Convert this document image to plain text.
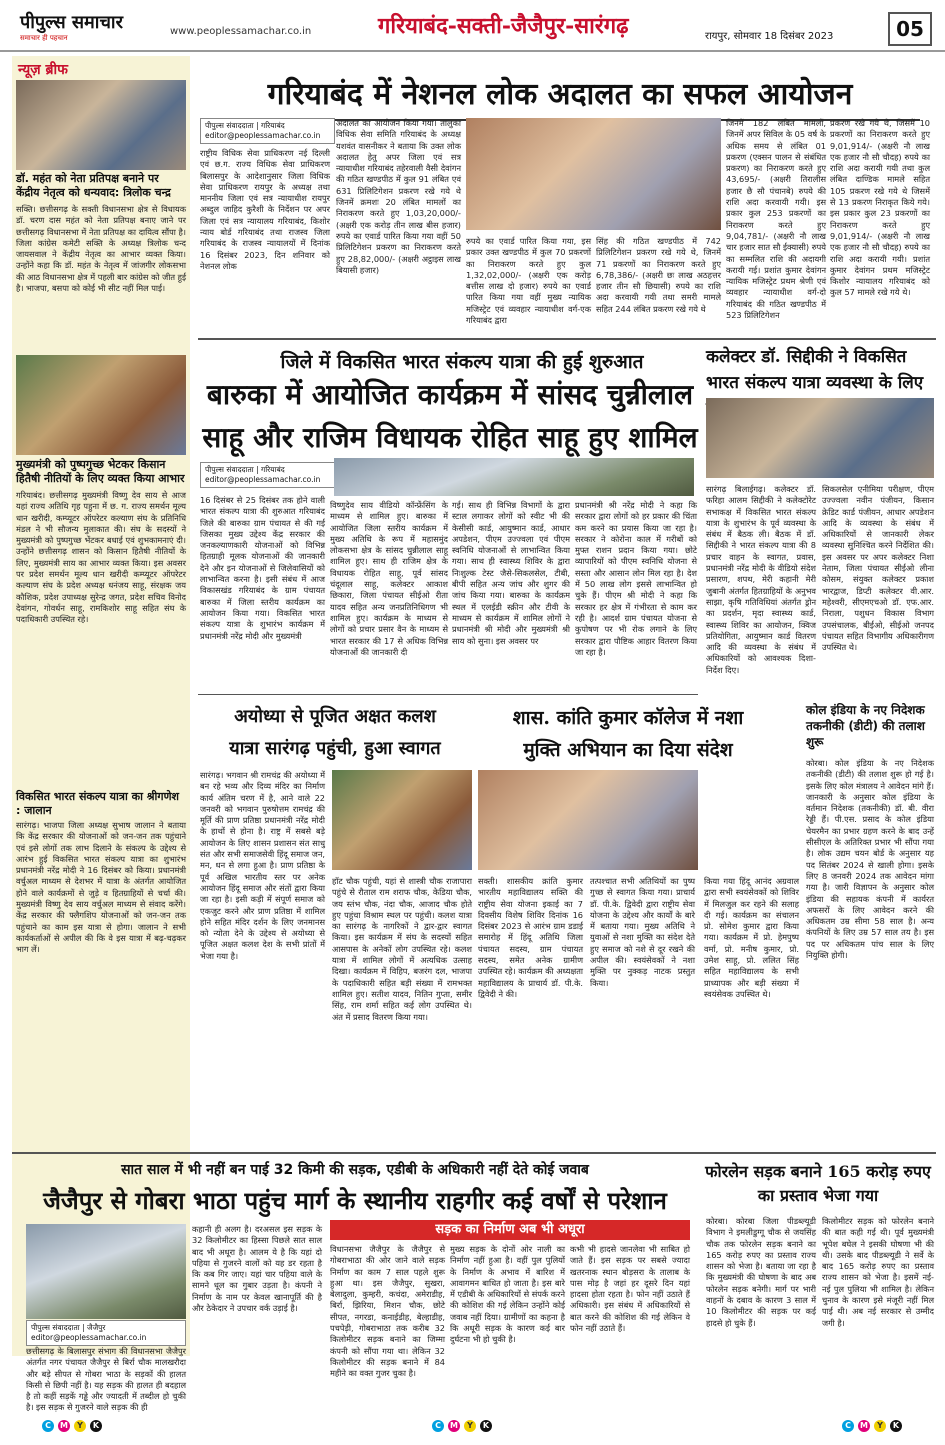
पीपुल्स समाचार
समाचार ही पहचान
www.peoplessamachar.co.in	गरियाबंद-सक्ती-जैजैपुर-सारंगढ़	रायपुर, सोमवार 18 दिसंबर 2023	05
न्यूज़ ब्रीफ
डॉ. महंत को नेता प्रतिपक्ष बनाने पर केंद्रीय नेतृत्व को धन्यवाद: त्रिलोक चन्द्र
सक्ति। छत्तीसगढ़ के सक्ती विधानसभा क्षेत्र से विधायक डॉ. चरण दास महंत को नेता प्रतिपक्ष बनाए जाने पर छत्तीसगढ़ विधानसभा में नेता प्रतिपक्ष का दायित्व सौंपा है। जिला कांग्रेस कमेटी सक्ति के अध्यक्ष त्रिलोक चन्द जायसवाल ने केंद्रीय नेतृत्व का आभार व्यक्त किया। उन्होंने कहा कि डॉ. महंत के नेतृत्व में जांजगीर लोकसभा की आठ विधानसभा क्षेत्र में पहली बार कांग्रेस को जीत हुई है। भाजपा, बसपा को कोई भी सीट नहीं मिल पाई।
मुख्यमंत्री को पुष्पगुच्छ भेटकर किसान हितैषी नीतियों के लिए व्यक्त किया आभार
गरियाबंद। छत्तीसगढ़ मुख्यमंत्री विष्णु देव साय से आज यहां राज्य अतिथि गृह पहुना में छ. ग. राज्य समर्थन मूल्य धान खरीदी, कम्प्यूटर ऑपरेटर कल्याण संघ के प्रतिनिधि मंडल ने भी सौजन्य मुलाकात की। संघ के सदस्यों ने मुख्यमंत्री को पुष्पगुच्छ भेंटकर बधाई एवं शुभकामनाएं दी। उन्होंने छत्तीसगढ़ शासन को किसान हितैषी नीतियों के लिए, मुख्यमंत्री साय का आभार व्यक्त किया। इस अवसर पर प्रदेश समर्थन मूल्य धान खरीदी कम्प्यूटर ऑपरेटर कल्याण संघ के प्रदेश अध्यक्ष धनंजय साहू, संरक्षक जय कौशिक, प्रदेश उपाध्यक्ष सुरेन्द्र जगत, प्रदेश सचिव विनोद देवांगन, गोवर्धन साहू, रामकिशोर साहू सहित संघ के पदाधिकारी उपस्थित रहे।
विकसित भारत संकल्प यात्रा का श्रीगणेश : जालान
सारंगढ़। भाजपा जिला अध्यक्ष सुभाष जालान ने बताया कि केंद्र सरकार की योजनाओं को जन-जन तक पहुंचाने एवं इसे लोगों तक लाभ दिलाने के संकल्प के उद्देश्य से आरंभ हुई विकसित भारत संकल्प यात्रा का शुभारंभ प्रधानमंत्री नरेंद्र मोदी ने 16 दिसंबर को किया। प्रधानमंत्री वर्चुअल माध्यम से देशभर में यात्रा के अंतर्गत आयोजित होने वाले कार्यक्रमों से जुड़े व हितग्राहियों से चर्चा की। मुख्यमंत्री विष्णु देव साय वर्चुअल माध्यम से संवाद करेंगे। केंद्र सरकार की फ्लैगशिप योजनाओं को जन-जन तक पहुंचाने का काम इस यात्रा से होगा। जालान ने सभी कार्यकर्ताओं से अपील की कि वे इस यात्रा में बढ़-चढ़कर भाग लें।
गरियाबंद में नेशनल लोक अदालत का सफल आयोजन
पीपुल्स संवाददाता | गरियाबंद
editor@peoplessamachar.co.in
राष्ट्रीय विधिक सेवा प्राधिकरण नई दिल्ली एवं छ.ग. राज्य विधिक सेवा प्राधिकरण बिलासपुर के आदेशानुसार जिला विधिक सेवा प्राधिकरण रायपुर के अध्यक्ष तथा माननीय जिला एवं सत्र न्यायाधीश रायपुर अब्दुल जाहिद कुरैशी के निर्देशन पर अपर जिला एवं सत्र न्यायालय गरियाबंद, किशोर न्याय बोर्ड गरियाबंद तथा राजस्व जिला गरियाबंद के राजस्व न्यायालयों में दिनांक 16 दिसंबर 2023, दिन शनिवार को नेशनल लोक
अदालत का आयोजन किया गया। तालुका विधिक सेवा समिति गरियाबंद के अध्यक्ष यशवंत वासनीकर ने बताया कि उक्त लोक अदालत हेतु अपर जिला एवं सत्र न्यायाधीश गरियाबंद तहेरवाली वैसी देवांगन की गठित खण्डपीठ में कुल 91 लंबित एवं 631 प्रिलिटिगेशन प्रकरण रखे गये थे जिनमें क्रमशः 20 लंबित मामलों का निराकरण करते हुए 1,03,20,000/- (अक्षरी एक करोड़ तीन लाख बीस हजार) रुपये का एवार्ड पारित किया गया वहीं 50 प्रिलिटिगेशन प्रकरण का निराकरण करते हुए 28,82,000/- (अक्षरी अट्ठाइस लाख बियासी हजार)
रुपये का एवार्ड पारित किया गया, इस प्रकार उक्त खण्डपीठ में कुल 70 प्रकरणों का निराकरण करते हुए कुल 1,32,02,000/- (अक्षरी एक करोड़ बत्तीस लाख दो हजार) रुपये का एवार्ड पारित किया गया वहीं मुख्य न्यायिक मजिस्ट्रेट एवं व्यवहार न्यायाधीश वर्ग-एक गरियाबंद द्वारा
सिंह की गठित खण्डपीठ में 742 प्रिलिटिगेशन प्रकरण रखे गये थे, जिनमें 71 प्रकरणों का निराकरण करते हुए 6,78,386/- (अक्षरी छः लाख अठहत्तर हजार तीन सौ छियासी) रुपये का राशि अदा करवायी गयी तथा समरी मामले सहित 244 लंबित प्रकरण रखे गये थे
जिनमें 182 लंबित मामलों, जिनमें अपर सिविल के 05 वर्ष के अधिक समय से लंबित 01 प्रकरण (एक्सन पालन से संबंधित प्रकरण) का निराकरण करते हुए 43,695/- (अक्षरी तिरालीस हजार छै सौ पंचानबे) रुपये की राशि अदा करवायी गयी। इस प्रकार कुल 253 प्रकरणों का निराकरण करते हुए 9,04,781/- (अक्षरी नौ लाख चार हजार सात सौ ईक्यासी) रुपये का सम्मलित राशि की अदायगी करायी गई। प्रशांत कुमार देवांगन न्यायिक मजिस्ट्रेट प्रथम श्रेणी एवं व्यवहार न्यायाधीश वर्ग-दो गरियाबंद की गठित खण्डपीठ में 523 प्रिलिटिगेशन
प्रकरण रखे गये थे, जिसमें 10 प्रकरणों का निराकरण करते हुए 9,01,914/- (अक्षरी नौ लाख एक हजार नौ सौ चौदह) रुपये का राशि अदा करायी गयी तथा कुल लंबित दाण्डिक मामले सहित 105 प्रकरण रखे गये थे जिसमें से 13 प्रकरण निराकृत किये गये। इस प्रकार कुल 23 प्रकरणों का निराकरण करते हुए 9,01,914/- (अक्षरी नौ लाख एक हजार नौ सौ चौदह) रुपये का राशि अदा करायी गयी। प्रशांत कुमार देवांगन प्रथम मजिस्ट्रेट किशोर न्यायालय गरियाबंद को कुल 57 मामले रखे गये थे।
जिले में विकसित भारत संकल्प यात्रा की हुई शुरुआत
बारुका में आयोजित कार्यक्रम में सांसद चुन्नीलाल
साहू और राजिम विधायक रोहित साहू हुए शामिल
पीपुल्स संवाददाता | गरियाबंद
editor@peoplessamachar.co.in
16 दिसंबर से 25 दिसंबर तक होने वाली भारत संकल्प यात्रा की शुरुआत गरियाबंद जिले की बारुका ग्राम पंचायत से की गई जिसका मुख्य उद्देश्य केंद्र सरकार की जनकल्याणकारी योजनाओं को विभिन्न हितग्राही मूलक योजनाओं की जानकारी देने और इन योजनाओं से जिलेवासियों को लाभान्वित करना है। इसी संबंध में आज विकासखंड गरियाबंद के ग्राम पंचायत बारुका में जिला स्तरीय कार्यक्रम का आयोजन किया गया। विकसित भारत संकल्प यात्रा के शुभारंभ कार्यक्रम में प्रधानमंत्री नरेंद्र मोदी और मुख्यमंत्री
विष्णुदेव साय वीडियो कॉन्फ्रेंसिंग के माध्यम से शामिल हुए। बारुका में आयोजित जिला स्तरीय कार्यक्रम में मुख्य अतिथि के रूप में महासमुंद लोकसभा क्षेत्र के सांसद चुन्नीलाल साहू शामिल हुए। साथ ही राजिम क्षेत्र के विधायक रोहित साहू, पूर्व सांसद चंदूलाल साहू, कलेक्टर आकाश छिकारा, जिला पंचायत सीईओ रीता यादव सहित अन्य जनप्रतिनिधिगण भी शामिल हुए। कार्यक्रम के माध्यम से लोगों को प्रचार प्रसार वैन के माध्यम से भारत सरकार की 17 से अधिक विभिन्न योजनाओं की जानकारी दी
गई। साथ ही विभिन्न विभागों के द्वारा स्टाल लगाकर लोगों को स्वीट भी की केसीसी कार्ड, आयुष्मान कार्ड, आधार अपडेशन, पीएम उज्ज्वला एवं पीएम स्वनिधि योजनाओं से लाभान्वित किया गया। साथ ही स्वास्थ्य शिविर के द्वारा निःशुल्क टेस्ट जैसे-सिकलसेल, टीबी, बीपी सहित अन्य जांच और शुगर की जांच किया गया। बारुका के कार्यक्रम स्थल में एलईडी स्क्रीन और टीवी के माध्यम से कार्यक्रम में शामिल लोगों ने प्रधानमंत्री श्री मोदी और मुख्यमंत्री श्री साय को सुना। इस अवसर पर
प्रधानमंत्री श्री नरेंद्र मोदी ने कहा कि सरकार द्वारा लोगों को हर प्रकार की चिंता कम करने का प्रयास किया जा रहा है। सरकार ने कोरोना काल में गरीबों को मुफ्त राशन प्रदान किया गया। छोटे व्यापारियों को पीएम स्वनिधि योजना से सस्ता और आसान लोन मिल रहा है। देश में 50 लाख लोग इससे लाभान्वित हो चुके हैं। पीएम श्री मोदी ने कहा कि सरकार हर क्षेत्र में गंभीरता से काम कर रही है। आदर्श ग्राम पंचायत योजना से कुपोषण पर भी रोक लगाने के लिए सरकार द्वारा पौष्टिक आहार वितरण किया जा रहा है।
कलेक्टर डॉ. सिद्दीकी ने विकसित भारत संकल्प यात्रा व्यवस्था के लिए
सारंगढ़ बिलाईगढ़। कलेक्टर डॉ. फरिहा आलम सिद्दीकी ने कलेक्टोरेट सभाकक्ष में विकसित भारत संकल्प यात्रा के शुभारंभ के पूर्व व्यवस्था के संबंध में बैठक ली। बैठक में डॉ. सिद्दीकी ने भारत संकल्प यात्रा की 8 प्रचार वाहन के स्वागत, प्रवास, प्रधानमंत्री नरेंद्र मोदी के वीडियो संदेश प्रसारण, शपथ, मेरी कहानी मेरी जुबानी अंतर्गत हितग्राहियों के अनुभव साझा, कृषि गतिविधियां अंतर्गत ड्रोन का प्रदर्शन, मृदा स्वास्थ्य कार्ड, स्वास्थ्य शिविर का आयोजन, क्विज प्रतियोगिता, आयुष्मान कार्ड वितरण आदि की व्यवस्था के संबंध में अधिकारियों को आवश्यक दिशा-निर्देश दिए।
सिकलसेल एनीमिया परीक्षण, पीएम उज्ज्वला नवीन पंजीयन, किसान क्रेडिट कार्ड पंजीयन, आधार अपडेशन आदि के व्यवस्था के संबंध में अधिकारियों से जानकारी लेकर व्यवस्था सुनिश्चित करने निर्देशित की। इस अवसर पर अपर कलेक्टर निशा नेताम, जिला पंचायत सीईओ लीना कोसम, संयुक्त कलेक्टर प्रकाश भारद्वाज, डिप्टी कलेक्टर वी.आर. महेश्वरी, सीएमएचओ डॉ. एफ.आर. निराला, पशुधन विकास विभाग उपसंचालक, बीईओ, सीईओ जनपद पंचायत सहित विभागीय अधिकारीगण उपस्थित थे।
अयोध्या से पूजित अक्षत कलश
यात्रा सारंगढ़ पहुंची, हुआ स्वागत
सारंगढ़। भगवान श्री रामचंद्र की अयोध्या में बन रहे भव्य और दिव्य मंदिर का निर्माण कार्य अंतिम चरण में है, आने वाले 22 जनवरी को भगवान पुरुषोत्तम रामचंद्र की मूर्ति की प्राण प्रतिष्ठा प्रधानमंत्री नरेंद्र मोदी के हाथों से होना है। राष्ट्र में सबसे बड़े आयोजन के लिए शासन प्रशासन संत साधु संत और सभी समाजसेवी हिंदू समाज जन, मन, धन से लगा हुआ है। प्राण प्रतिष्ठा के पूर्व अखिल भारतीय स्तर पर अनेक आयोजन हिंदू समाज और संतों द्वारा किया जा रहा है। इसी कड़ी में संपूर्ण समाज को एकजुट करने और प्राण प्रतिष्ठा में शामिल होने सहित मंदिर दर्शन के लिए जनमानस को न्योता देने के उद्देश्य से अयोध्या से पूजित अक्षत कलश देश के सभी प्रांतों में भेजा गया है।
हॉट चौक पहुंची, यहां से शास्त्री चौक राजापारा पहुंचे से रौताल राम शराफ चौक, केडिया चौक, जय स्तंभ चौक, नंदा चौक, आजाद चौक होते हुए पहुंचा विश्राम स्थल पर पहुंची। कलश यात्रा का सारंगढ़ के नागरिकों ने द्वार-द्वार स्वागत किया। इस कार्यक्रम में संघ के सदस्यों सहित आसपास के अनेकों लोग उपस्थित रहे। कलश यात्रा में शामिल लोगों में अत्यधिक उत्साह दिखा। कार्यक्रम में विहिप, बजरंग दल, भाजपा के पदाधिकारी सहित बड़ी संख्या में रामभक्त शामिल हुए। सतीश यादव, नितिन गुप्ता, समीर सिंह, राम शर्मा सहित कई लोग उपस्थित थे। अंत में प्रसाद वितरण किया गया।
शास. कांति कुमार कॉलेज में नशा
मुक्ति अभियान का दिया संदेश
सक्ती। शासकीय क्रांति कुमार भारतीय महाविद्यालय सक्ति की राष्ट्रीय सेवा योजना इकाई का 7 दिवसीय विशेष शिविर दिनांक 16 दिसंबर 2023 से आरंभ ग्राम डडाई समारोह में हिंदू अतिथि जिला पंचायत सदस्य, ग्राम पंचायत सदस्य, समेत अनेक ग्रामीण उपस्थित रहे। कार्यक्रम की अध्यक्षता महाविद्यालय के प्राचार्य डॉ. पी.के. द्विवेदी ने की।
तत्पश्चात सभी अतिथियों का पुष्प गुच्छ से स्वागत किया गया। प्राचार्य डॉ. पी.के. द्विवेदी द्वारा राष्ट्रीय सेवा योजना के उद्देश्य और कार्यों के बारे में बताया गया। मुख्य अतिथि ने युवाओं से नशा मुक्ति का संदेश देते हुए समाज को नशे से दूर रखने की अपील की। स्वयंसेवकों ने नशा मुक्ति पर नुक्कड़ नाटक प्रस्तुत किया।
किया गया हिंदू आनंद अग्रवाल द्वारा सभी स्वयंसेवकों को शिविर में मिलजुल कर रहने की सलाह दी गई। कार्यक्रम का संचालन प्रो. सोमेश कुमार द्वारा किया गया। कार्यक्रम में प्रो. हेमपुष्प वर्मा, प्रो. मनीष कुमार, प्रो. उमेश साहू, प्रो. ललित सिंह सहित महाविद्यालय के सभी प्राध्यापक और बड़ी संख्या में स्वयंसेवक उपस्थित थे।
कोल इंडिया के नए निदेशक तकनीकी (डीटी) की तलाश शुरू
कोरबा। कोल इंडिया के नए निदेशक तकनीकी (डीटी) की तलाश शुरू हो गई है। इसके लिए कोल मंत्रालय ने आवेदन मांगे हैं। जानकारी के अनुसार कोल इंडिया के वर्तमान निदेशक (तकनीकी) डॉ. बी. वीरा रेड्डी हैं। पी.एस. प्रसाद के कोल इंडिया चेयरमैन का प्रभार ग्रहण करने के बाद उन्हें सीसीएल के अतिरिक्त प्रभार भी सौंपा गया है। लोक उद्यम चयन बोर्ड के अनुसार यह पद सितंबर 2024 से खाली होगा। इसके लिए 8 जनवरी 2024 तक आवेदन मांगा गया है। जारी विज्ञापन के अनुसार कोल इंडिया की सहायक कंपनी में कार्यरत अफसरों के लिए आवेदन करने की अधिकतम उम्र सीमा 58 साल है। अन्य कंपनियों के लिए उम्र 57 साल तय है। इस पद पर अधिकतम पांच साल के लिए नियुक्ति होगी।
सात साल में भी नहीं बन पाई 32 किमी की सड़क, एडीबी के अधिकारी नहीं देते कोई जवाब
जैजैपुर से गोबरा भाठा पहुंच मार्ग के स्थानीय राहगीर कई वर्षों से परेशान
पीपुल्स संवाददाता | जैजैपुर
editor@peoplessamachar.co.in
छत्तीसगढ़ के बिलासपुर संभाग की विधानसभा जैजैपुर अंतर्गत नगर पंचायत जैजैपुर से बिर्रा चौक मालखरौदा और बड़े सीपत से गोबरा भाठा के सड़कों की हालत किसी से छिपी नहीं है। यह सड़क की हालत ही बदहाल है तो कहीं सड़कें गड्ढे और ज्यादती में तब्दील हो चुकी है। इस सड़क से गुजरने वाले सड़क की ही
कहानी ही अलग है। दरअसल इस सड़क के 32 किलोमीटर का हिस्सा पिछले सात साल बाद भी अधूरा है। आलम ये है कि यहां दो पहिया से गुजरने वालों को यह डर रहता है कि कब गिर जाए। यहां चार पहिया वाले के सामने धूल का गुबार उड़ता है। कंपनी ने निर्माण के नाम पर केवल खानापूर्ति की है और ठेकेदार ने उपचार वर्क उड़ाई है।
सड़क का निर्माण अब भी अधूरा
विधानसभा जैजैपुर के जैजैपुर से गोबराभाठा की ओर जाने वाले सड़क निर्माण का काम 7 साल पहले शुरू हुआ था। इस जैजैपुर, सुखरा, बेलादुला, कुम्हरी, कचंदा, अमेराडीह, बिर्रा, झिरिया, मिशन चौक, छोटे सीपत, नगरडा, कनाईडीह, बेल्हाडीह, पचपेड़ी, गोबराभाठा तक करीब 32 किलोमीटर सड़क बनाने का जिम्मा कंपनी को सौंपा गया था। लेकिन 32 किलोमीटर की सड़क बनाने में 84 महीने का वक्त गुजर चुका है।
मुख्य सड़क के दोनों ओर नाली का निर्माण नहीं हुआ है। वहीं पुल पुलियों के निर्माण के अभाव में बारिश में आवागमन बाधित हो जाता है। इस बारे में एडीबी के अधिकारियों से संपर्क करने की कोशिश की गई लेकिन उन्होंने कोई जवाब नहीं दिया। ग्रामीणों का कहना है कि अधूरी सड़क के कारण कई बार दुर्घटना भी हो चुकी है।
कभी भी हादसे जानलेवा भी साबित हो जाते हैं। इस सड़क पर सबसे ज्यादा खतरनाक स्थान बोड़सरा के तालाब के पास मोड़ है जहां हर दूसरे दिन यहां हादसा होता रहता है। फोन नहीं उठाते हैं अधिकारी। इस संबंध में अधिकारियों से बात करने की कोशिश की गई लेकिन वे फोन नहीं उठाते हैं।
फोरलेन सड़क बनाने 165 करोड़ रुपए का प्रस्ताव भेजा गया
कोरबा। कोरबा जिला पीडब्ल्यूडी विभाग ने इमलीडुग्गू चौक से जयसिंह चौक तक फोरलेन सड़क बनाने का 165 करोड़ रुपए का प्रस्ताव राज्य शासन को भेजा है। बताया जा रहा है कि मुख्यमंत्री की घोषणा के बाद अब फोरलेन सड़क बनेगी। मार्ग पर भारी वाहनों के दबाव के कारण 3 साल में 10 किलोमीटर की सड़क पर कई हादसे हो चुके हैं।
किलोमीटर सड़क को फोरलेन बनाने की बात कही गई थी। पूर्व मुख्यमंत्री भूपेश बघेल ने इसकी घोषणा भी की थी। उसके बाद पीडब्ल्यूडी ने सर्वे के बाद 165 करोड़ रुपए का प्रस्ताव राज्य शासन को भेजा है। इसमें नई-नई पुल पुलिया भी शामिल है। लेकिन चुनाव के कारण इसे मंजूरी नहीं मिल पाई थी। अब नई सरकार से उम्मीद जगी है।
C M Y K	C M Y K	C M Y K
